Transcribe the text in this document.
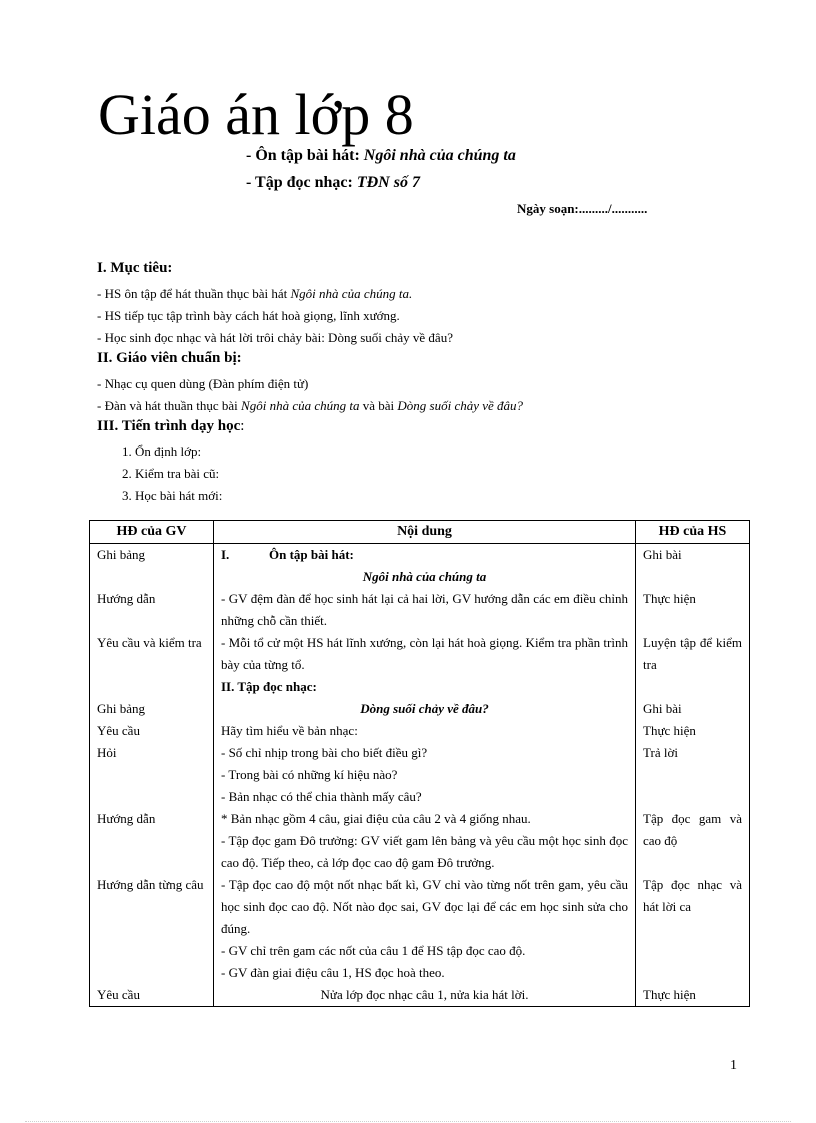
Giáo án lớp 8
- Ôn tập bài hát: Ngôi nhà của chúng ta
- Tập đọc nhạc: TĐN số 7
Ngày soạn:........./...........
I. Mục tiêu:
- HS ôn tập để hát thuần thục bài hát Ngôi nhà của chúng ta.
- HS tiếp tục tập trình bày cách hát hoà giọng, lĩnh xướng.
- Học sinh đọc nhạc và hát lời trôi chảy bài: Dòng suối chảy về đâu?
II. Giáo viên chuẩn bị:
- Nhạc cụ quen dùng (Đàn phím điện tử)
- Đàn và hát thuần thục bài Ngôi nhà của chúng ta và bài Dòng suối chảy về đâu?
III. Tiến trình dạy học:
1. Ổn định lớp:
2. Kiểm tra bài cũ:
3. Học bài hát mới:
HĐ của GV	Nội dung	HĐ của HS
Ghi bảng	I. Ôn tập bài hát:	Ghi bài

	Ngôi nhà của chúng ta	

Hướng dẫn	- GV đệm đàn để học sinh hát lại cả hai lời, GV hướng dẫn các em điều chỉnh những chỗ cần thiết.	Thực hiện
Yêu cầu và kiểm tra	- Mỗi tổ cử một HS hát lĩnh xướng, còn lại hát hoà giọng. Kiểm tra phần trình bày của từng tổ.	Luyện tập để kiểm tra

	II. Tập đọc nhạc:	

Ghi bảng	Dòng suối chảy về đâu?	Ghi bài
Yêu cầu	Hãy tìm hiểu về bản nhạc:	Thực hiện
Hỏi	- Số chỉ nhịp trong bài cho biết điều gì?
- Trong bài có những kí hiệu nào?
- Bản nhạc có thể chia thành mấy câu?	Trả lời
Hướng dẫn	* Bản nhạc gồm 4 câu, giai điệu của câu 2 và 4 giống nhau.
- Tập đọc gam Đô trưởng: GV viết gam lên bảng và yêu cầu một học sinh đọc cao độ. Tiếp theo, cả lớp đọc cao độ gam Đô trưởng.	Tập đọc gam và cao độ
Hướng dẫn từng câu	- Tập đọc cao độ một nốt nhạc bất kì, GV chỉ vào từng nốt trên gam, yêu cầu học sinh đọc cao độ. Nốt nào đọc sai, GV đọc lại để các em học sinh sửa cho đúng.
- GV chỉ trên gam các nốt của câu 1 để HS tập đọc cao độ.
- GV đàn giai điệu câu 1, HS đọc hoà theo.	Tập đọc nhạc và hát lời ca
Yêu cầu	Nửa lớp đọc nhạc câu 1, nửa kia hát lời.	Thực hiện
1
